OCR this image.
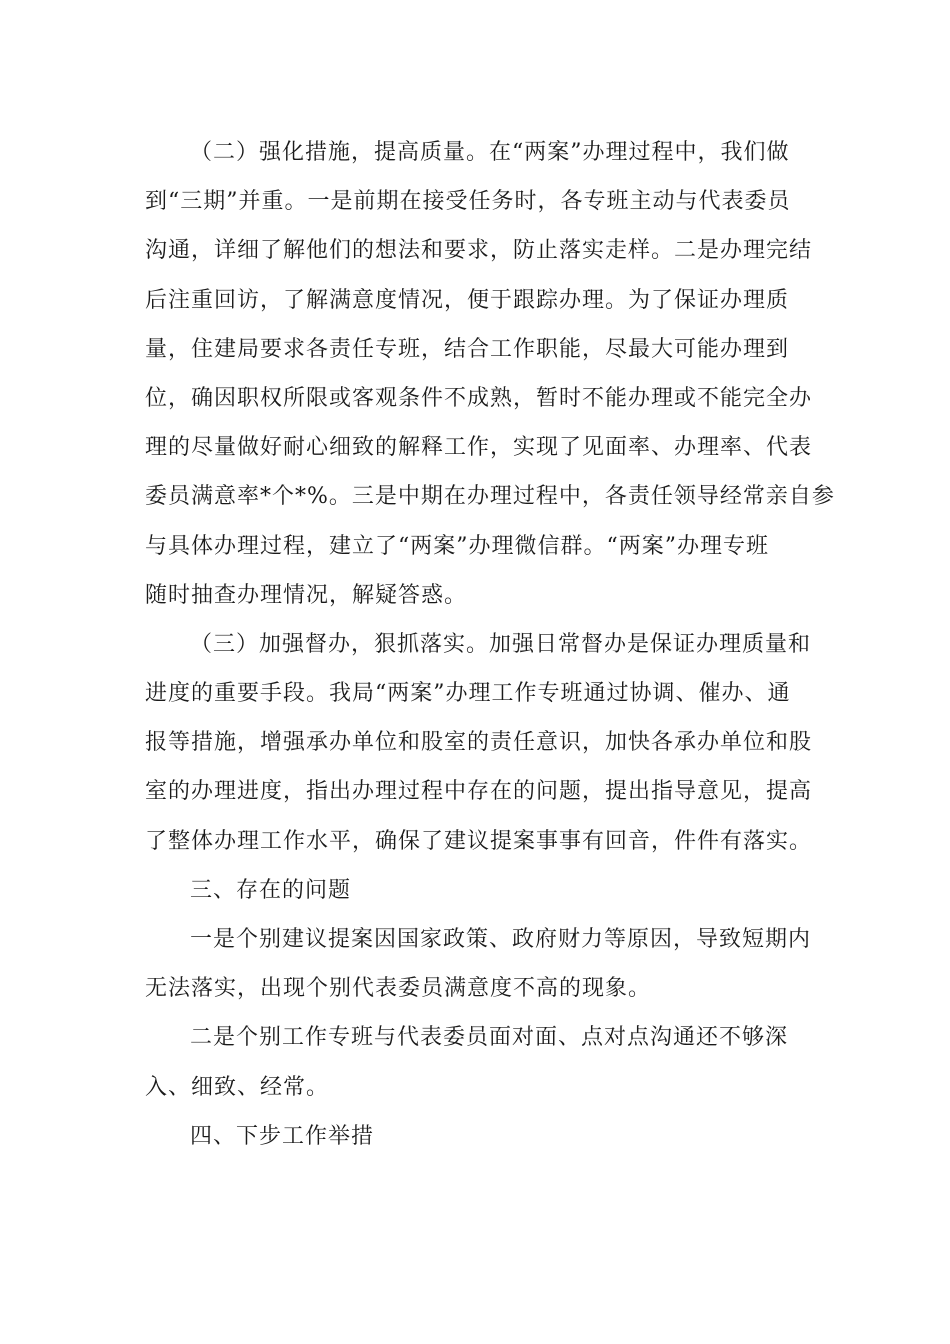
（二）强化措施，提高质量。在“两案”办理过程中，我们做
到“三期”并重。一是前期在接受任务时，各专班主动与代表委员
沟通，详细了解他们的想法和要求，防止落实走样。二是办理完结
后注重回访，了解满意度情况，便于跟踪办理。为了保证办理质
量，住建局要求各责任专班，结合工作职能，尽最大可能办理到
位，确因职权所限或客观条件不成熟，暂时不能办理或不能完全办
理的尽量做好耐心细致的解释工作，实现了见面率、办理率、代表
委员满意率*个*%。三是中期在办理过程中，各责任领导经常亲自参
与具体办理过程，建立了“两案”办理微信群。“两案”办理专班
随时抽查办理情况，解疑答惑。
（三）加强督办，狠抓落实。加强日常督办是保证办理质量和
进度的重要手段。我局“两案”办理工作专班通过协调、催办、通
报等措施，增强承办单位和股室的责任意识，加快各承办单位和股
室的办理进度，指出办理过程中存在的问题，提出指导意见，提高
了整体办理工作水平，确保了建议提案事事有回音，件件有落实。
三、存在的问题
一是个别建议提案因国家政策、政府财力等原因，导致短期内
无法落实，出现个别代表委员满意度不高的现象。
二是个别工作专班与代表委员面对面、点对点沟通还不够深
入、细致、经常。
四、下步工作举措
